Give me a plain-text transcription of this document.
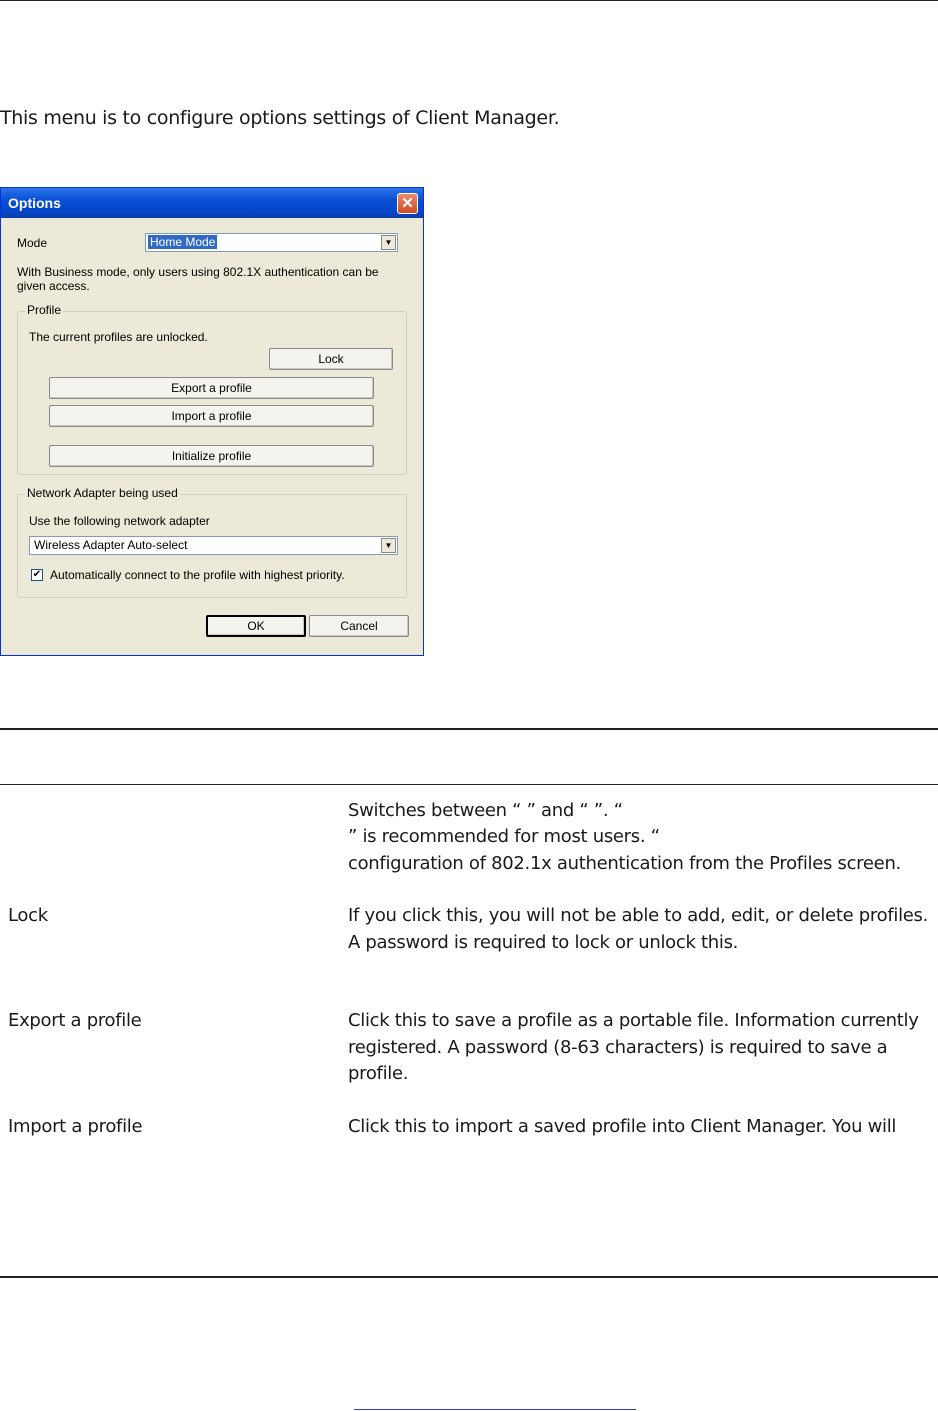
This menu is to configure options settings of Client Manager.
Options	✕
Mode	Home Mode	▼
With Business mode, only users using 802.1X authentication can be
given access.
Profile
The current profiles are unlocked.
Lock
Export a profile
Import a profile
Initialize profile
Network Adapter being used
Use the following network adapter
Wireless Adapter Auto-select	▼
✔ Automatically connect to the profile with highest priority.
OK	Cancel
Switches between “ ” and “ ”. “
” is recommended for most users. “
configuration of 802.1x authentication from the Profiles screen.
Lock	If you click this, you will not be able to add, edit, or delete profiles.
A password is required to lock or unlock this.
Export a profile	Click this to save a profile as a portable file. Information currently
registered. A password (8-63 characters) is required to save a
profile.
Import a profile	Click this to import a saved profile into Client Manager. You will
